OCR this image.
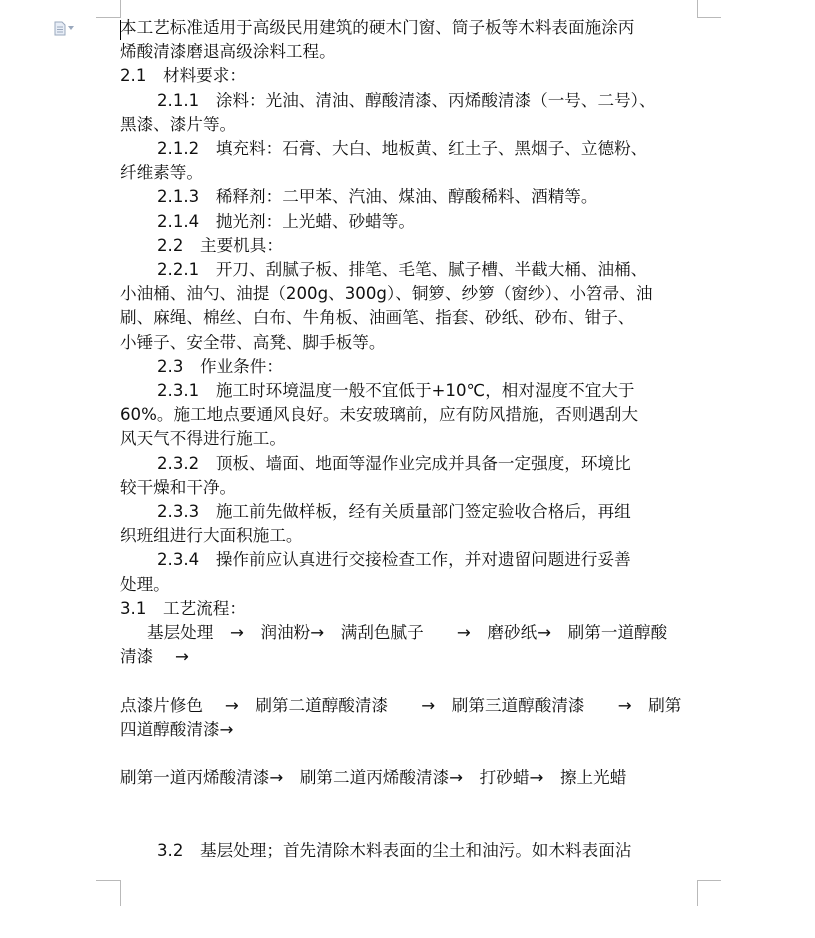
本工艺标准适用于高级民用建筑的硬木门窗、筒子板等木料表面施涂丙

烯酸清漆磨退高级涂料工程。

2.1　材料要求：

2.1.1　涂料：光油、清油、醇酸清漆、丙烯酸清漆（一号、二号）、

黑漆、漆片等。

2.1.2　填充料：石膏、大白、地板黄、红土子、黑烟子、立德粉、

纤维素等。

2.1.3　稀释剂：二甲苯、汽油、煤油、醇酸稀料、酒精等。

2.1.4　抛光剂：上光蜡、砂蜡等。

2.2　主要机具：

2.2.1　开刀、刮腻子板、排笔、毛笔、腻子槽、半截大桶、油桶、

小油桶、油勺、油提（200g、300g）、铜箩、纱箩（窗纱）、小笤帚、油

刷、麻绳、棉丝、白布、牛角板、油画笔、指套、砂纸、砂布、钳子、

小锤子、安全带、高凳、脚手板等。

2.3　作业条件：

2.3.1　施工时环境温度一般不宜低于+10℃，相对湿度不宜大于

60%。施工地点要通风良好。未安玻璃前，应有防风措施，否则遇刮大

风天气不得进行施工。

2.3.2　顶板、墙面、地面等湿作业完成并具备一定强度，环境比

较干燥和干净。

2.3.3　施工前先做样板，经有关质量部门签定验收合格后，再组

织班组进行大面积施工。

2.3.4　操作前应认真进行交接检查工作，并对遗留问题进行妥善

处理。

3.1　工艺流程：

基层处理　→　润油粉→　满刮色腻子　　→　磨砂纸→　刷第一道醇酸

清漆　 →

点漆片修色　 →　刷第二道醇酸清漆　　→　刷第三道醇酸清漆　　→　刷第

四道醇酸清漆→

刷第一道丙烯酸清漆→　刷第二道丙烯酸清漆→　打砂蜡→　擦上光蜡

3.2　基层处理；首先清除木料表面的尘土和油污。如木料表面沾
